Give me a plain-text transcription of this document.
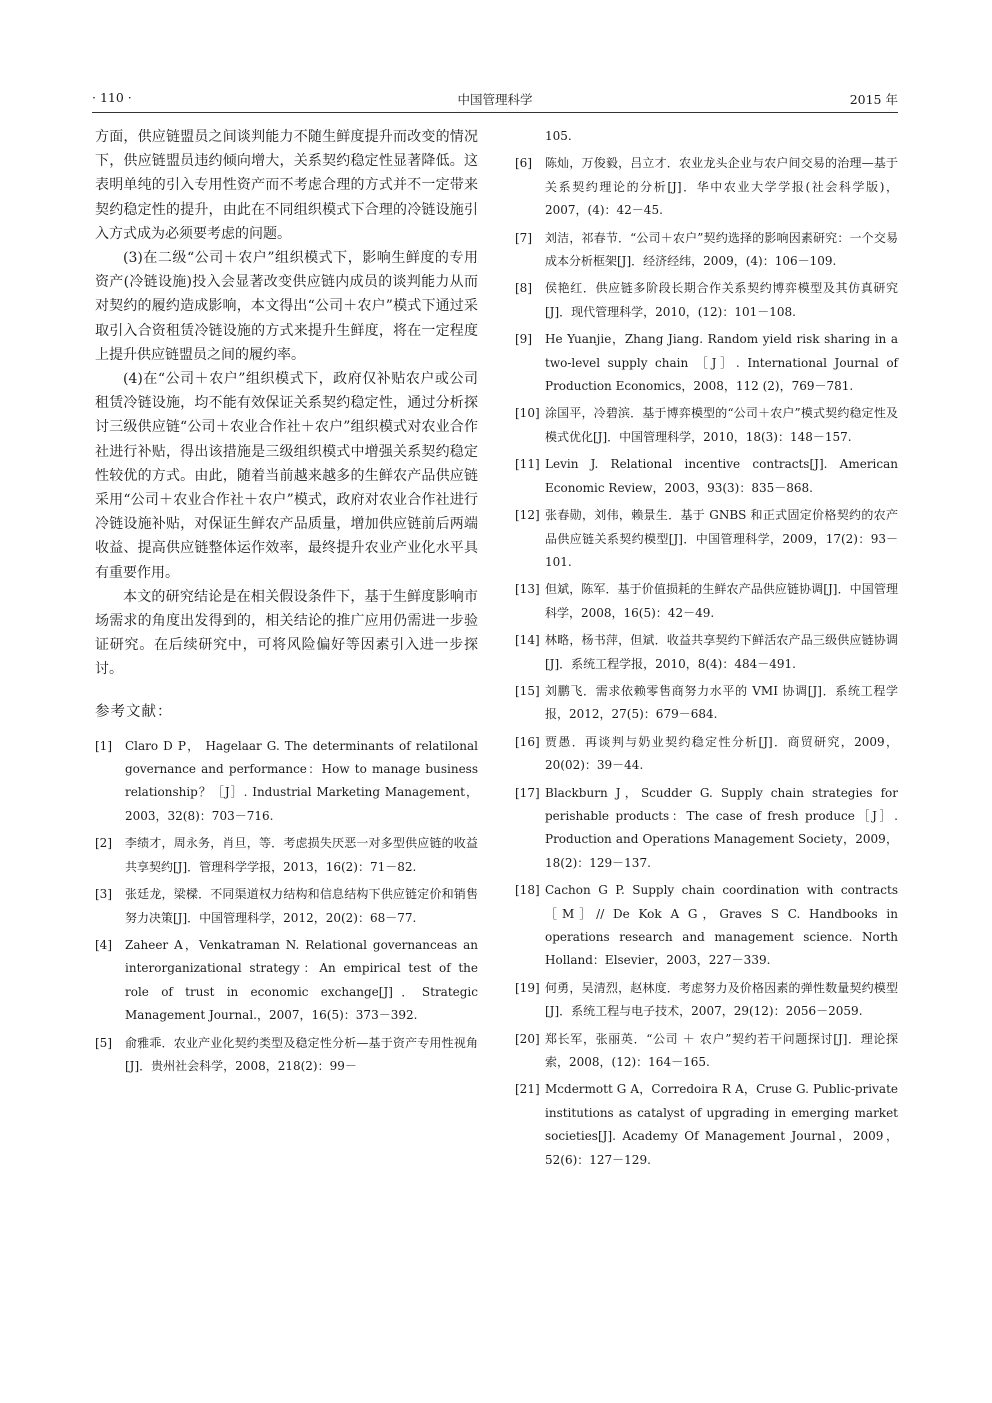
· 110 ·	中国管理科学	2015 年

方面，供应链盟员之间谈判能力不随生鲜度提升而改变的情况下，供应链盟员违约倾向增大，关系契约稳定性显著降低。这表明单纯的引入专用性资产而不考虑合理的方式并不一定带来契约稳定性的提升，由此在不同组织模式下合理的冷链设施引入方式成为必须要考虑的问题。

(3)在二级“公司＋农户”组织模式下，影响生鲜度的专用资产(冷链设施)投入会显著改变供应链内成员的谈判能力从而对契约的履约造成影响，本文得出“公司＋农户”模式下通过采取引入合资租赁冷链设施的方式来提升生鲜度，将在一定程度上提升供应链盟员之间的履约率。

(4)在“公司＋农户”组织模式下，政府仅补贴农户或公司租赁冷链设施，均不能有效保证关系契约稳定性，通过分析探讨三级供应链“公司＋农业合作社＋农户”组织模式对农业合作社进行补贴，得出该措施是三级组织模式中增强关系契约稳定性较优的方式。由此，随着当前越来越多的生鲜农产品供应链采用“公司＋农业合作社＋农户”模式，政府对农业合作社进行冷链设施补贴，对保证生鲜农产品质量，增加供应链前后两端收益、提高供应链整体运作效率，最终提升农业产业化水平具有重要作用。

本文的研究结论是在相关假设条件下，基于生鲜度影响市场需求的角度出发得到的，相关结论的推广应用仍需进一步验证研究。在后续研究中，可将风险偏好等因素引入进一步探讨。

参考文献：
[1]	Claro D P， Hagelaar G. The determinants of relatilonal governance and performance：How to manage business relationship？［J］. Industrial Marketing Management，2003，32(8)：703－716.
[2]	李绩才，周永务，肖旦，等．考虑损失厌恶一对多型供应链的收益共享契约[J]．管理科学学报，2013，16(2)：71－82.
[3]	张廷龙，梁樑．不同渠道权力结构和信息结构下供应链定价和销售努力决策[J]．中国管理科学，2012，20(2)：68－77.
[4]	Zaheer A，Venkatraman N. Relational governanceas an interorganizational strategy：An empirical test of the role of trust in economic exchange[J]．Strategic Management Journal.，2007，16(5)：373－392.
[5]	俞雅乖．农业产业化契约类型及稳定性分析—基于资产专用性视角[J]．贵州社会科学，2008，218(2)：99－
105.
[6]	陈灿，万俊毅，吕立才．农业龙头企业与农户间交易的治理—基于关系契约理论的分析[J]．华中农业大学学报(社会科学版)，2007，(4)：42－45.
[7]	刘洁，祁春节．“公司＋农户”契约选择的影响因素研究：一个交易成本分析框架[J]．经济经纬，2009，(4)：106－109.
[8]	侯艳红．供应链多阶段长期合作关系契约博弈模型及其仿真研究[J]．现代管理科学，2010，(12)：101－108.
[9]	He Yuanjie，Zhang Jiang. Random yield risk sharing in a two-level supply chain ［J］. International Journal of Production Economics，2008，112 (2)，769－781.
[10] 涂国平，冷碧滨．基于博弈模型的“公司＋农户”模式契约稳定性及模式优化[J]．中国管理科学，2010，18(3)：148－157.
[11] Levin J. Relational incentive contracts[J]. American Economic Review，2003，93(3)：835－868.
[12] 张春勋，刘伟，赖景生．基于 GNBS 和正式固定价格契约的农产品供应链关系契约模型[J]．中国管理科学，2009，17(2)：93－101.
[13] 但斌，陈军．基于价值损耗的生鲜农产品供应链协调[J]．中国管理科学，2008，16(5)：42－49.
[14] 林略，杨书萍，但斌．收益共享契约下鲜活农产品三级供应链协调[J]．系统工程学报，2010，8(4)：484－491.
[15] 刘鹏飞．需求依赖零售商努力水平的 VMI 协调[J]．系统工程学报，2012，27(5)：679－684.
[16] 贾愚．再谈判与奶业契约稳定性分析[J]．商贸研究，2009，20(02)：39－44.
[17] Blackburn J，Scudder G. Supply chain strategies for perishable products：The case of fresh produce［J］. Production and Operations Management Society，2009，18(2)：129－137.
[18] Cachon G P. Supply chain coordination with contracts［M］// De Kok A G，Graves S C. Handbooks in operations research and management science. North Holland：Elsevier，2003，227－339.
[19] 何勇，吴清烈，赵林度．考虑努力及价格因素的弹性数量契约模型[J]．系统工程与电子技术，2007，29(12)：2056－2059.
[20] 郑长军，张丽英．“公司 ＋ 农户”契约若干问题探讨[J]．理论探索，2008，(12)：164－165.
[21] Mcdermott G A，Corredoira R A，Cruse G. Public-private institutions as catalyst of upgrading in emerging market societies[J]. Academy Of Management Journal，2009，52(6)：127－129.
